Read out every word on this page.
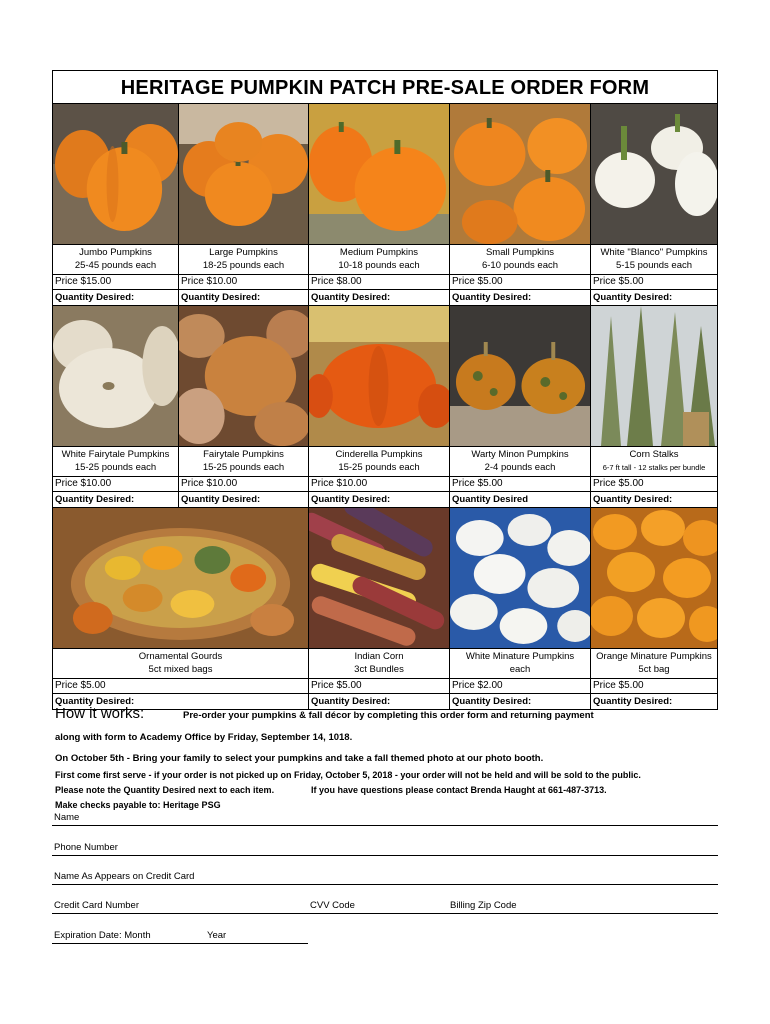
HERITAGE PUMPKIN PATCH PRE-SALE ORDER FORM
Jumbo Pumpkins
25-45 pounds each
Price $15.00
Quantity Desired:
Large Pumpkins
18-25 pounds each
Price $10.00
Quantity Desired:
Medium Pumpkins
10-18 pounds each
Price $8.00
Quantity Desired:
Small Pumpkins
6-10 pounds each
Price $5.00
Quantity Desired:
White "Blanco" Pumpkins
5-15 pounds each
Price $5.00
Quantity Desired:
White Fairytale Pumpkins
15-25 pounds each
Price $10.00
Quantity Desired:
Fairytale Pumpkins
15-25 pounds each
Price $10.00
Quantity Desired:
Cinderella Pumpkins
15-25 pounds each
Price $10.00
Quantity Desired:
Warty Minon Pumpkins
2-4 pounds each
Price $5.00
Quantity Desired
Corn Stalks
6-7 ft tall - 12 stalks per bundle
Price $5.00
Quantity Desired:
Ornamental Gourds
5ct mixed bags
Price $5.00
Quantity Desired:
Indian Corn
3ct Bundles
Price $5.00
Quantity Desired:
White Minature Pumpkins
each
Price $2.00
Quantity Desired:
Orange Minature Pumpkins
5ct bag
Price $5.00
Quantity Desired:
How it works:	Pre-order your pumpkins & fall décor by completing this order form and returning payment
along with form to Academy Office by Friday, September 14, 1018.
On October 5th - Bring your family to select your pumpkins and take a fall themed photo at our photo booth.
First come first serve - if your order is not picked up on Friday, October 5, 2018 - your order will not be held and will be sold to the public.
Please note the Quantity Desired next to each item.	If you have questions please contact Brenda Haught at 661-487-3713.
Make checks payable to: Heritage PSG
Name
Phone Number
Name As Appears on Credit Card
Credit Card Number	CVV Code	Billing Zip Code
Expiration Date: Month	Year
